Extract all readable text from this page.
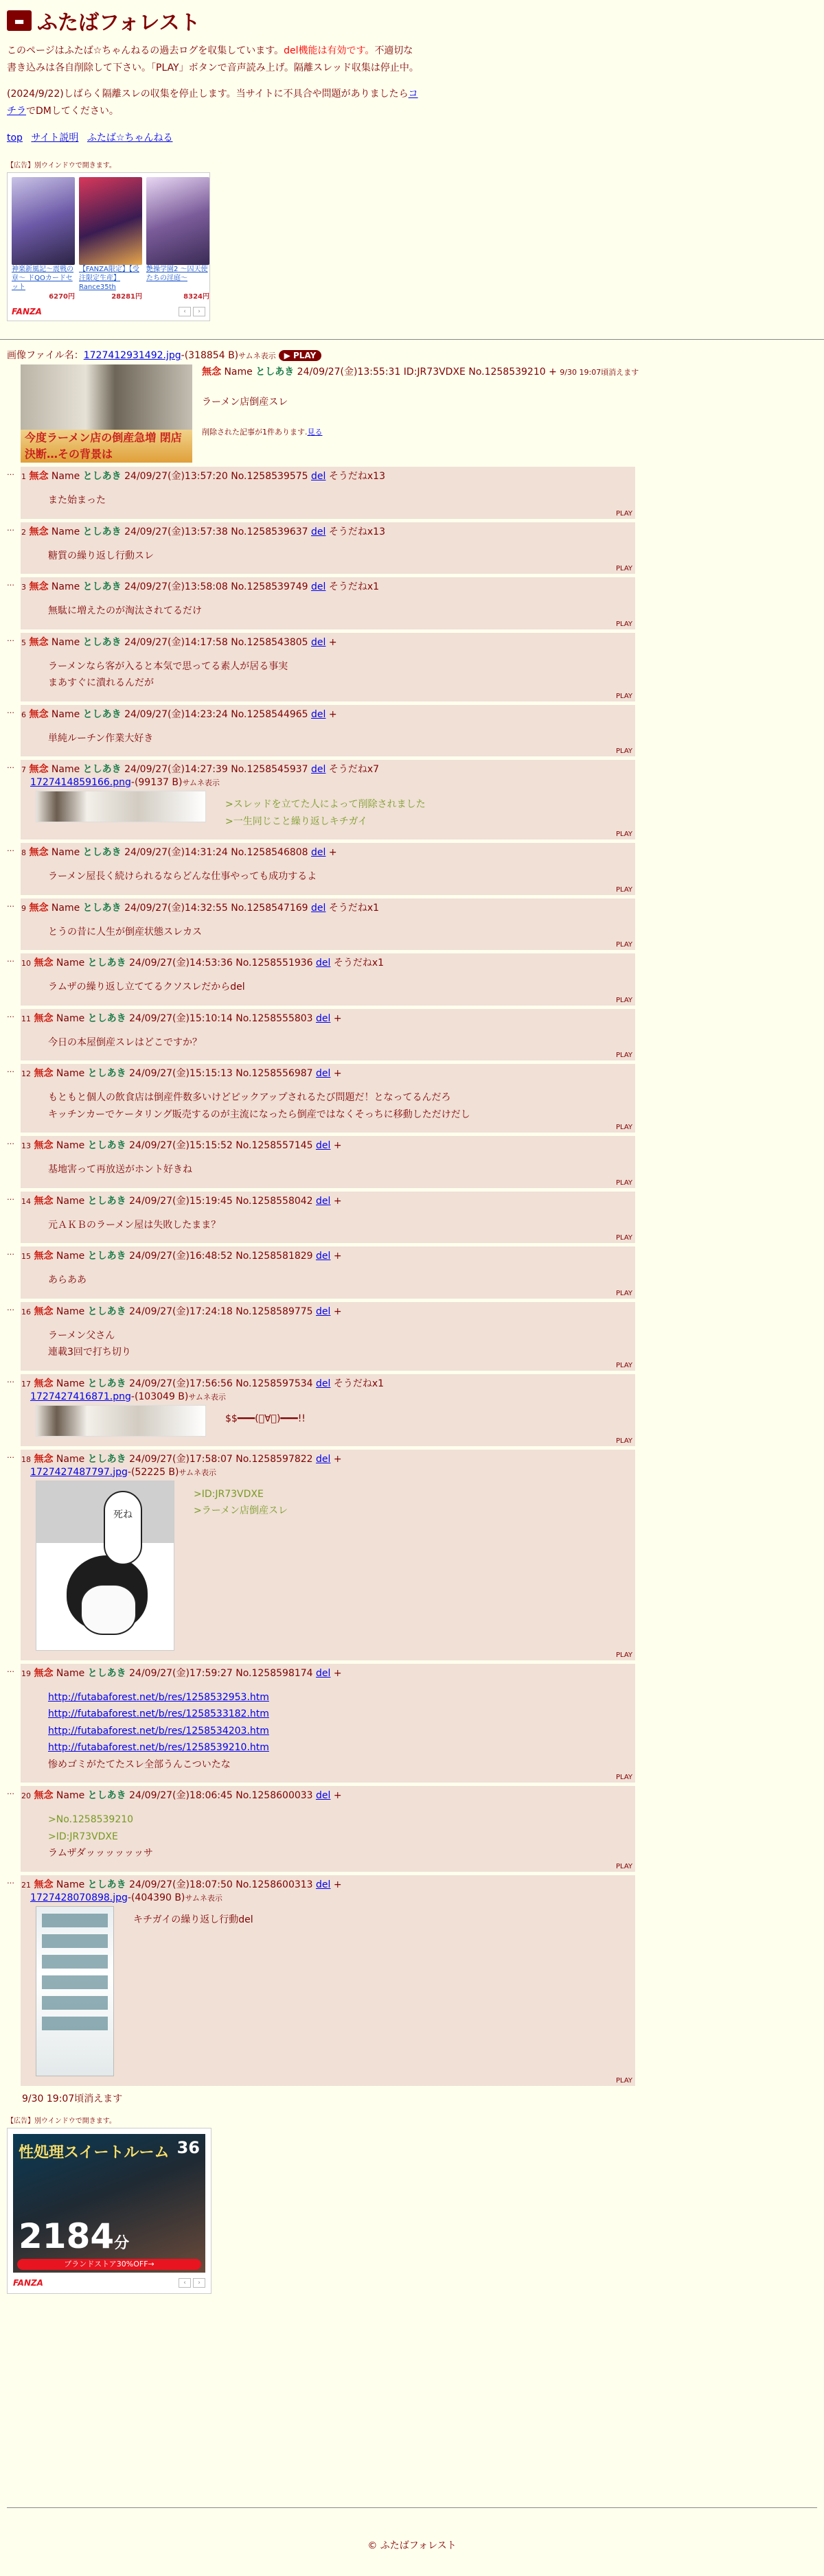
▬ ふたばフォレスト
このページはふたば☆ちゃんねるの過去ログを収集しています。del機能は有効です。不適切な書き込みは各自削除して下さい。「PLAY」ボタンで音声読み上げ。隔離スレッド収集は停止中。
(2024/9/22)しばらく隔離スレの収集を停止します。当サイトに不具合や問題がありましたらコチラでDMしてください。
top サイト説明 ふたば☆ちゃんねる
【広告】別ウインドウで開きます。
神楽新風記〜震戦の章〜 ドQOカードセット
6270円
【FANZA限定】【受注限定生産】Rance35th
28281円
艶操学園2 〜囚天使たちの淫庭〜
8324円
FANZA	‹	›
画像ファイル名：1727412931492.jpg-(318854 B)サムネ表示 ▶ PLAY
今度ラーメン店の倒産急増 閉店決断…その背景は
無念 Name としあき 24/09/27(金)13:55:31 ID:JR73VDXE No.1258539210 + 9/30 19:07頃消えます
ラーメン店倒産スレ
削除された記事が1件あります.見る
… 1 無念 Name としあき 24/09/27(金)13:57:20 No.1258539575 del そうだねx13
また始まった
PLAY
… 2 無念 Name としあき 24/09/27(金)13:57:38 No.1258539637 del そうだねx13
糖質の繰り返し行動スレ
PLAY
… 3 無念 Name としあき 24/09/27(金)13:58:08 No.1258539749 del そうだねx1
無駄に増えたのが淘汰されてるだけ
PLAY
… 5 無念 Name としあき 24/09/27(金)14:17:58 No.1258543805 del +
ラーメンなら客が入ると本気で思ってる素人が居る事実
まあすぐに潰れるんだが
PLAY
… 6 無念 Name としあき 24/09/27(金)14:23:24 No.1258544965 del +
単純ルーチン作業大好き
PLAY
… 7 無念 Name としあき 24/09/27(金)14:27:39 No.1258545937 del そうだねx7
1727414859166.png-(99137 B)サムネ表示
>スレッドを立てた人によって削除されました
>一生同じこと繰り返しキチガイ
PLAY
… 8 無念 Name としあき 24/09/27(金)14:31:24 No.1258546808 del +
ラーメン屋長く続けられるならどんな仕事やっても成功するよ
PLAY
… 9 無念 Name としあき 24/09/27(金)14:32:55 No.1258547169 del そうだねx1
とうの昔に人生が倒産状態スレカス
PLAY
… 10 無念 Name としあき 24/09/27(金)14:53:36 No.1258551936 del そうだねx1
ラムザの繰り返し立ててるクソスレだからdel
PLAY
… 11 無念 Name としあき 24/09/27(金)15:10:14 No.1258555803 del +
今日の本屋倒産スレはどこですか？
PLAY
… 12 無念 Name としあき 24/09/27(金)15:15:13 No.1258556987 del +
もともと個人の飲食店は倒産件数多いけどピックアップされるたび問題だ！となってるんだろ
キッチンカーでケータリング販売するのが主流になったら倒産ではなくそっちに移動しただけだし
PLAY
… 13 無念 Name としあき 24/09/27(金)15:15:52 No.1258557145 del +
基地害って再放送がホント好きね
PLAY
… 14 無念 Name としあき 24/09/27(金)15:19:45 No.1258558042 del +
元ＡＫＢのラーメン屋は失敗したまま？
PLAY
… 15 無念 Name としあき 24/09/27(金)16:48:52 No.1258581829 del +
あらああ
PLAY
… 16 無念 Name としあき 24/09/27(金)17:24:18 No.1258589775 del +
ラーメン父さん
連載3回で打ち切り
PLAY
… 17 無念 Name としあき 24/09/27(金)17:56:56 No.1258597534 del そうだねx1
1727427416871.png-(103049 B)サムネ表示
$$━━━(ﾟ∀ﾟ)━━━!!
PLAY
… 18 無念 Name としあき 24/09/27(金)17:58:07 No.1258597822 del +
1727427487797.jpg-(52225 B)サムネ表示
死ね
>ID:JR73VDXE
>ラーメン店倒産スレ
PLAY
… 19 無念 Name としあき 24/09/27(金)17:59:27 No.1258598174 del +
http://futabaforest.net/b/res/1258532953.htm
http://futabaforest.net/b/res/1258533182.htm
http://futabaforest.net/b/res/1258534203.htm
http://futabaforest.net/b/res/1258539210.htm
惨めゴミがたてたスレ全部うんこついたな
PLAY
… 20 無念 Name としあき 24/09/27(金)18:06:45 No.1258600033 del +
>No.1258539210
>ID:JR73VDXE
ラムザダッッッッッッサ
PLAY
… 21 無念 Name としあき 24/09/27(金)18:07:50 No.1258600313 del +
1727428070898.jpg-(404390 B)サムネ表示
キチガイの繰り返し行動del
PLAY
9/30 19:07頃消えます
【広告】別ウインドウで開きます。
性処理スイートルーム 36
2184分
ブランドストア30%OFF→
FANZA	‹	›
© ふたばフォレスト
